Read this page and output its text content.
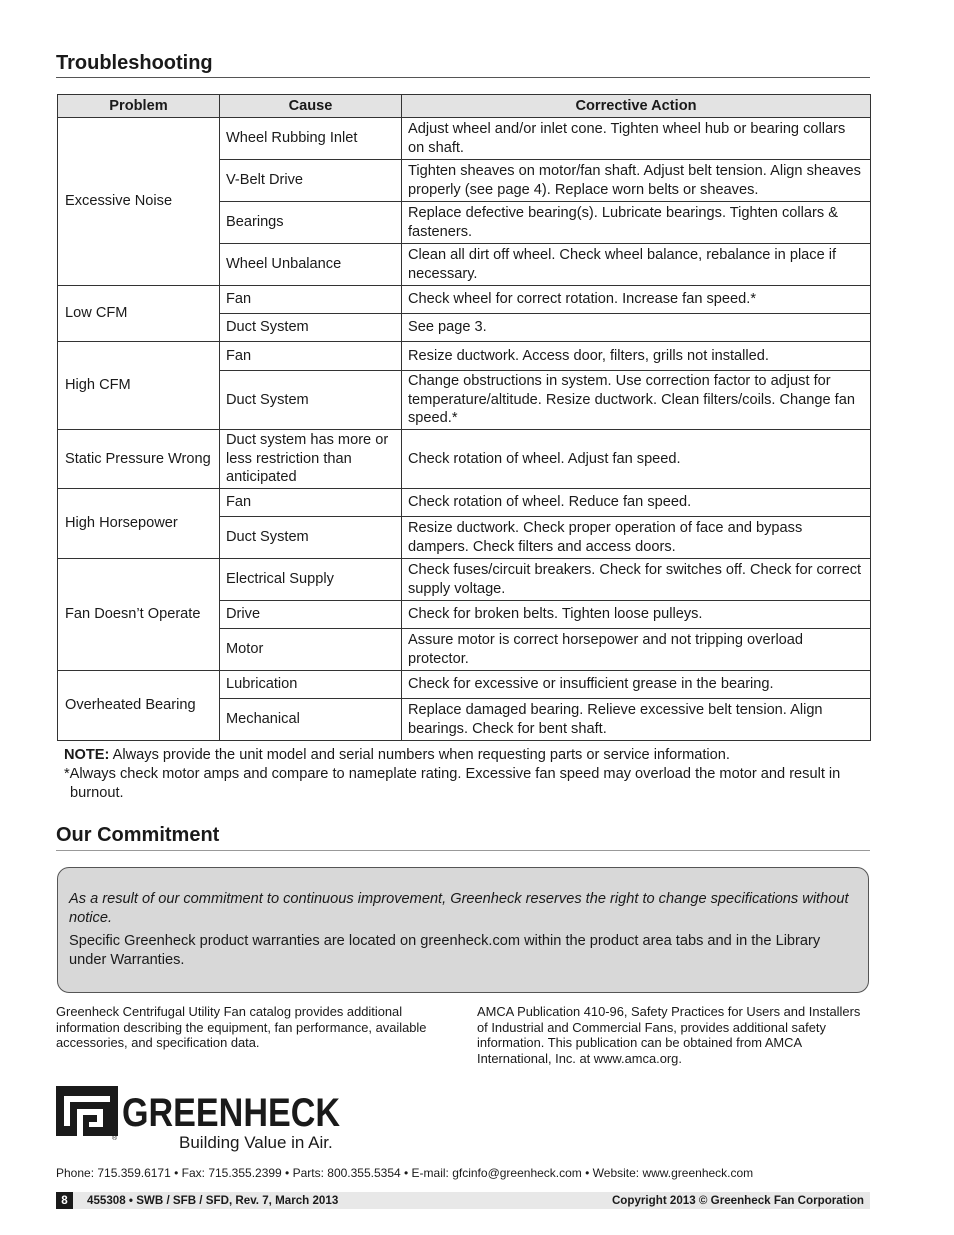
Troubleshooting
Problem	Cause	Corrective Action
Excessive Noise	Wheel Rubbing Inlet	Adjust wheel and/or inlet cone. Tighten wheel hub or bearing collars on shaft.
	V-Belt Drive	Tighten sheaves on motor/fan shaft. Adjust belt tension. Align sheaves properly (see page 4). Replace worn belts or sheaves.
	Bearings	Replace defective bearing(s). Lubricate bearings. Tighten collars & fasteners.
	Wheel Unbalance	Clean all dirt off wheel. Check wheel balance, rebalance in place if necessary.
Low CFM	Fan	Check wheel for correct rotation. Increase fan speed.*
	Duct System	See page 3.
High CFM	Fan	Resize ductwork. Access door, filters, grills not installed.
	Duct System	Change obstructions in system. Use correction factor to adjust for temperature/altitude. Resize ductwork. Clean filters/coils. Change fan speed.*
Static Pressure Wrong	Duct system has more or less restriction than anticipated	Check rotation of wheel. Adjust fan speed.
High Horsepower	Fan	Check rotation of wheel. Reduce fan speed.
	Duct System	Resize ductwork. Check proper operation of face and bypass dampers. Check filters and access doors.
Fan Doesn’t Operate	Electrical Supply	Check fuses/circuit breakers. Check for switches off. Check for correct supply voltage.
	Drive	Check for broken belts. Tighten loose pulleys.
	Motor	Assure motor is correct horsepower and not tripping overload protector.
Overheated Bearing	Lubrication	Check for excessive or insufficient grease in the bearing.
	Mechanical	Replace damaged bearing. Relieve excessive belt tension. Align bearings. Check for bent shaft.

NOTE: Always provide the unit model and serial numbers when requesting parts or service information.

*Always check motor amps and compare to nameplate rating. Excessive fan speed may overload the motor and result in burnout.

Our Commitment

As a result of our commitment to continuous improvement, Greenheck reserves the right to change specifications without notice.

Specific Greenheck product warranties are located on greenheck.com within the product area tabs and in the Library under Warranties.

Greenheck Centrifugal Utility Fan catalog provides additional information describing the equipment, fan performance, available accessories, and specification data.

AMCA Publication 410-96, Safety Practices for Users and Installers of Industrial and Commercial Fans, provides additional safety information. This publication can be obtained from AMCA International, Inc. at www.amca.org.

GREENHECK
®	Building Value in Air.

Phone: 715.359.6171 • Fax: 715.355.2399 • Parts: 800.355.5354 • E-mail: gfcinfo@greenheck.com • Website: www.greenheck.com

8	455308 • SWB / SFB / SFD, Rev. 7, March 2013	Copyright 2013 © Greenheck Fan Corporation
